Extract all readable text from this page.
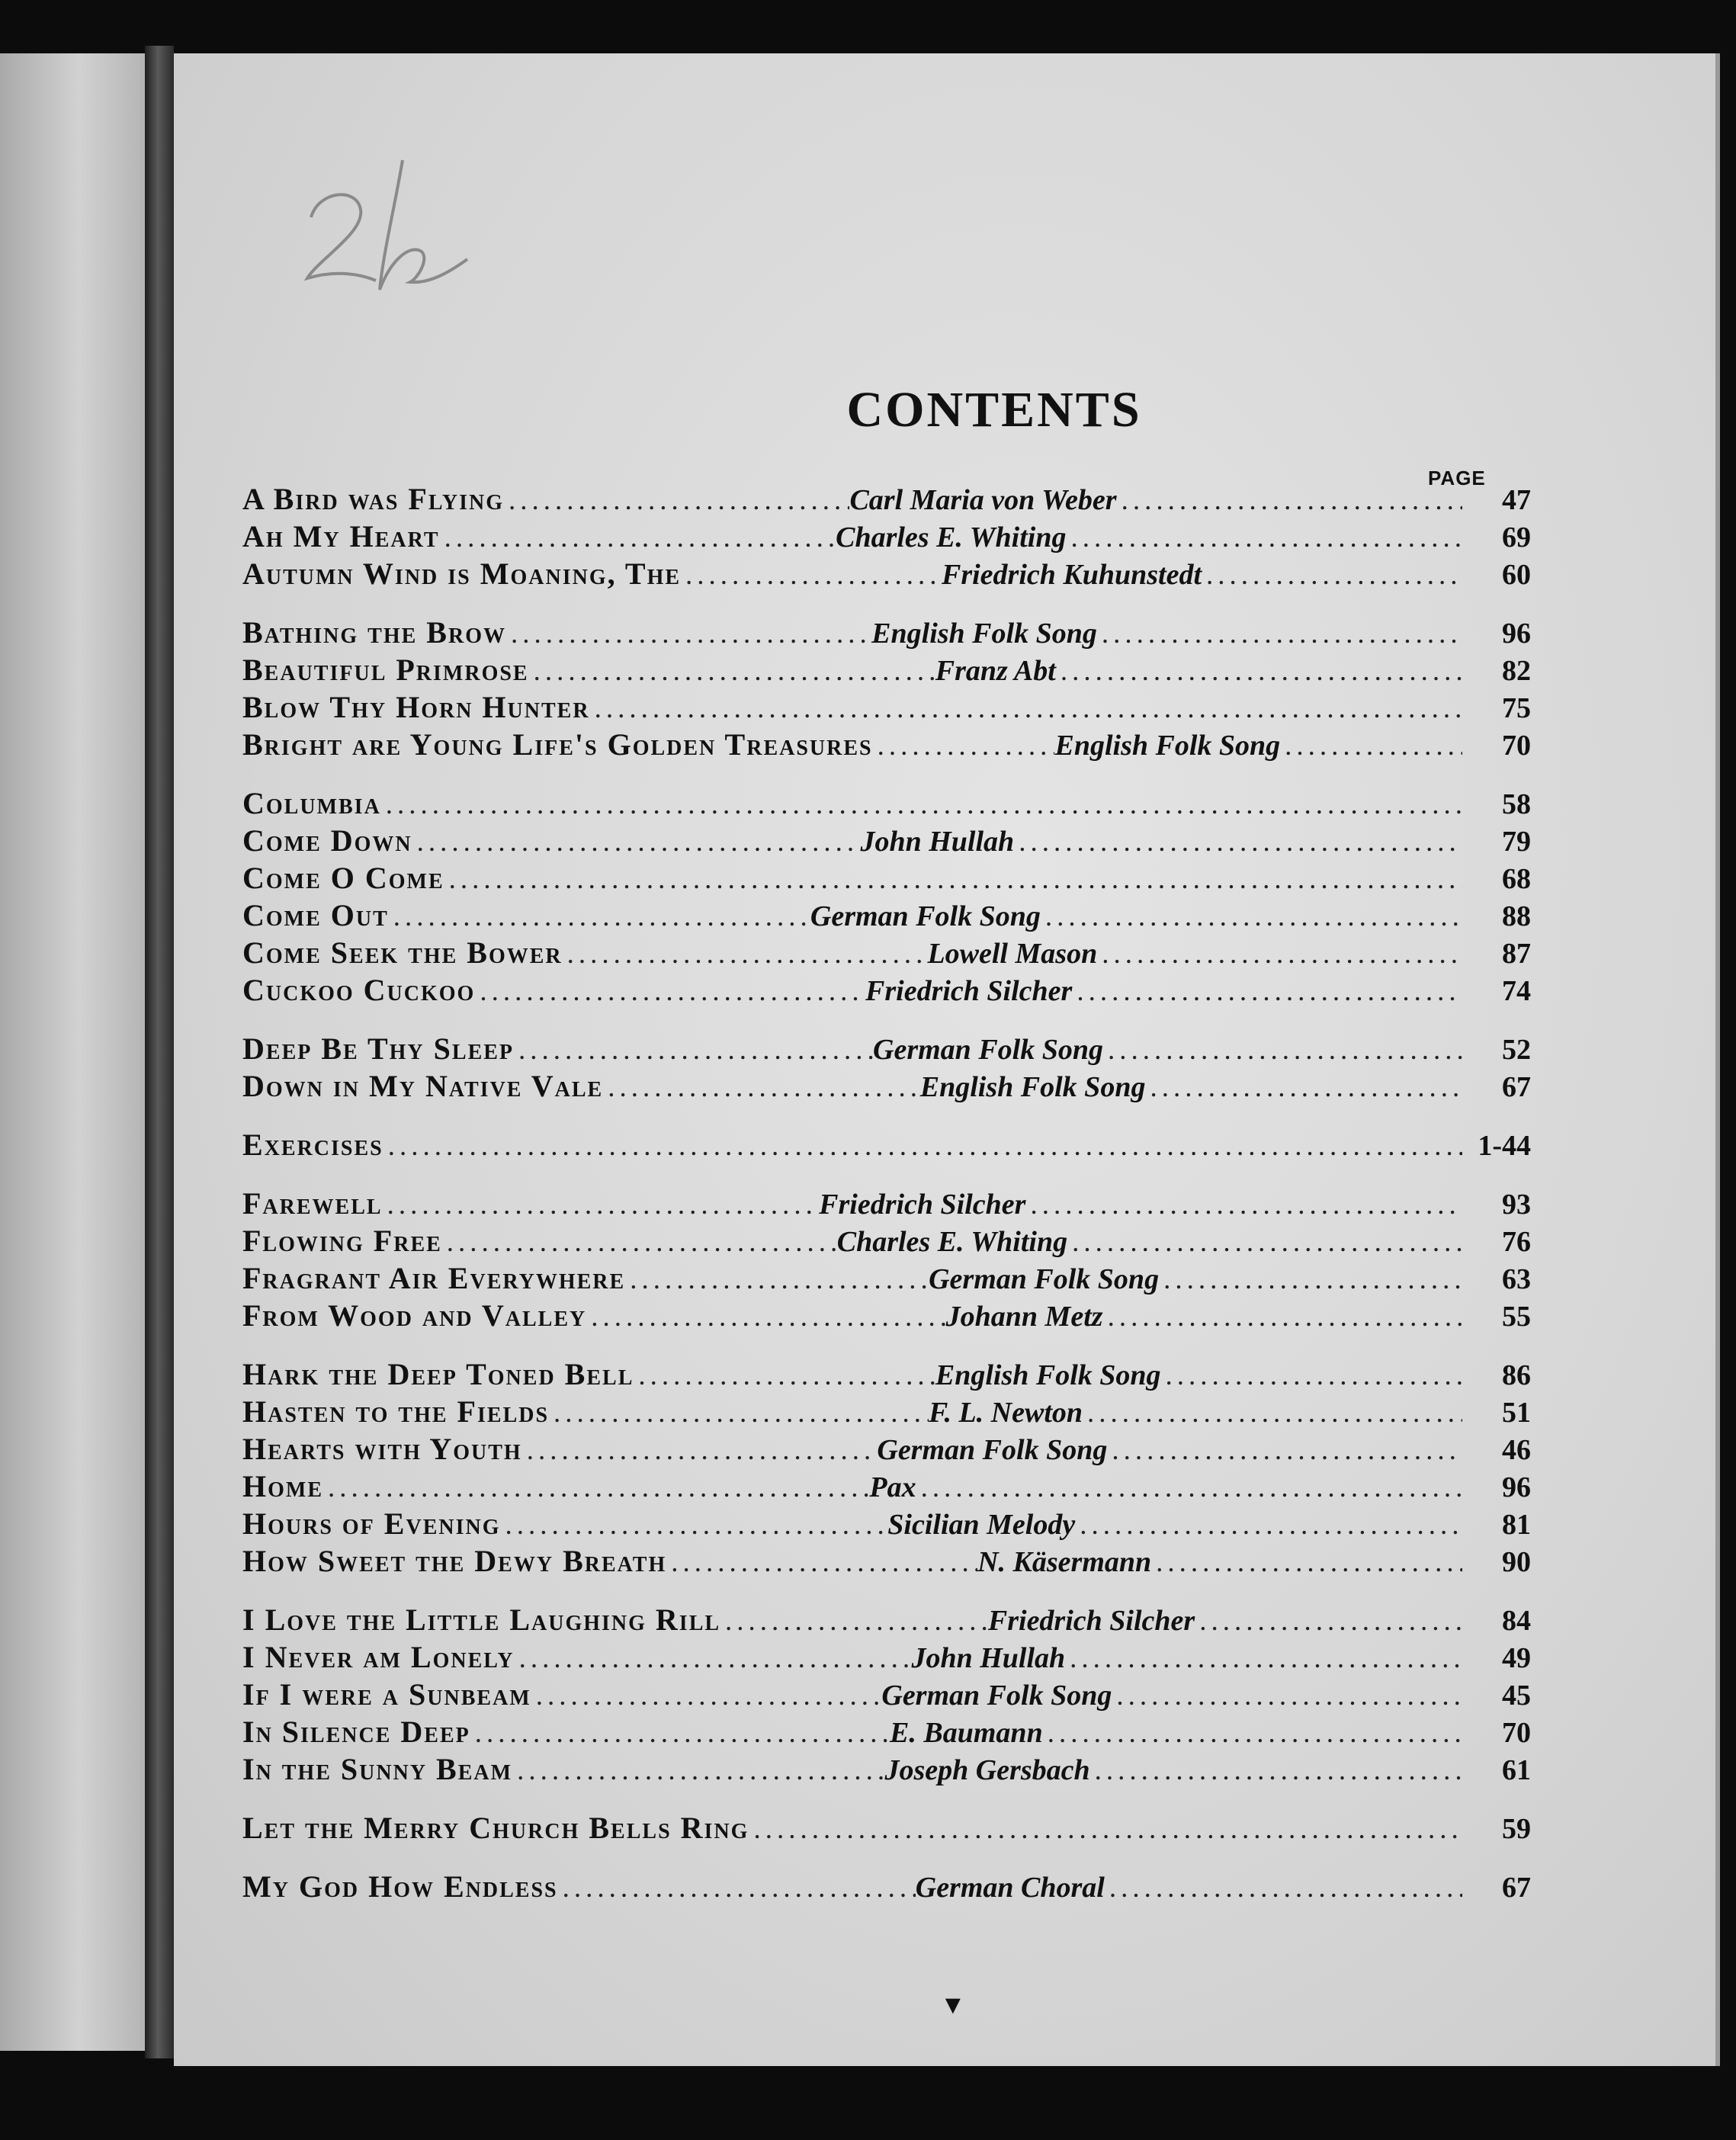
CONTENTS
PAGE
A Bird was Flying .....	Carl Maria von Weber .....	47
Ah My Heart .....	Charles E. Whiting .....	69
Autumn Wind is Moaning, The .....	Friedrich Kuhunstedt .....	60
Bathing the Brow .....	English Folk Song .....	96
Beautiful Primrose .....	Franz Abt .....	82
Blow Thy Horn Hunter .....	75
Bright are Young Life's Golden Treasures .....	English Folk Song .....	70
Columbia .....	58
Come Down .....	John Hullah .....	79
Come O Come .....	68
Come Out .....	German Folk Song .....	88
Come Seek the Bower .....	Lowell Mason .....	87
Cuckoo Cuckoo .....	Friedrich Silcher .....	74
Deep Be Thy Sleep .....	German Folk Song .....	52
Down in My Native Vale .....	English Folk Song .....	67
Exercises .....	1-44
Farewell .....	Friedrich Silcher .....	93
Flowing Free .....	Charles E. Whiting .....	76
Fragrant Air Everywhere .....	German Folk Song .....	63
From Wood and Valley .....	Johann Metz .....	55
Hark the Deep Toned Bell .....	English Folk Song .....	86
Hasten to the Fields .....	F. L. Newton .....	51
Hearts with Youth .....	German Folk Song .....	46
Home .....	Pax .....	96
Hours of Evening .....	Sicilian Melody .....	81
How Sweet the Dewy Breath .....	N. Käsermann .....	90
I Love the Little Laughing Rill .....	Friedrich Silcher .....	84
I Never am Lonely .....	John Hullah .....	49
If I were a Sunbeam .....	German Folk Song .....	45
In Silence Deep .....	E. Baumann .....	70
In the Sunny Beam .....	Joseph Gersbach .....	61
Let the Merry Church Bells Ring .....	59
My God How Endless .....	German Choral .....	67
▼
